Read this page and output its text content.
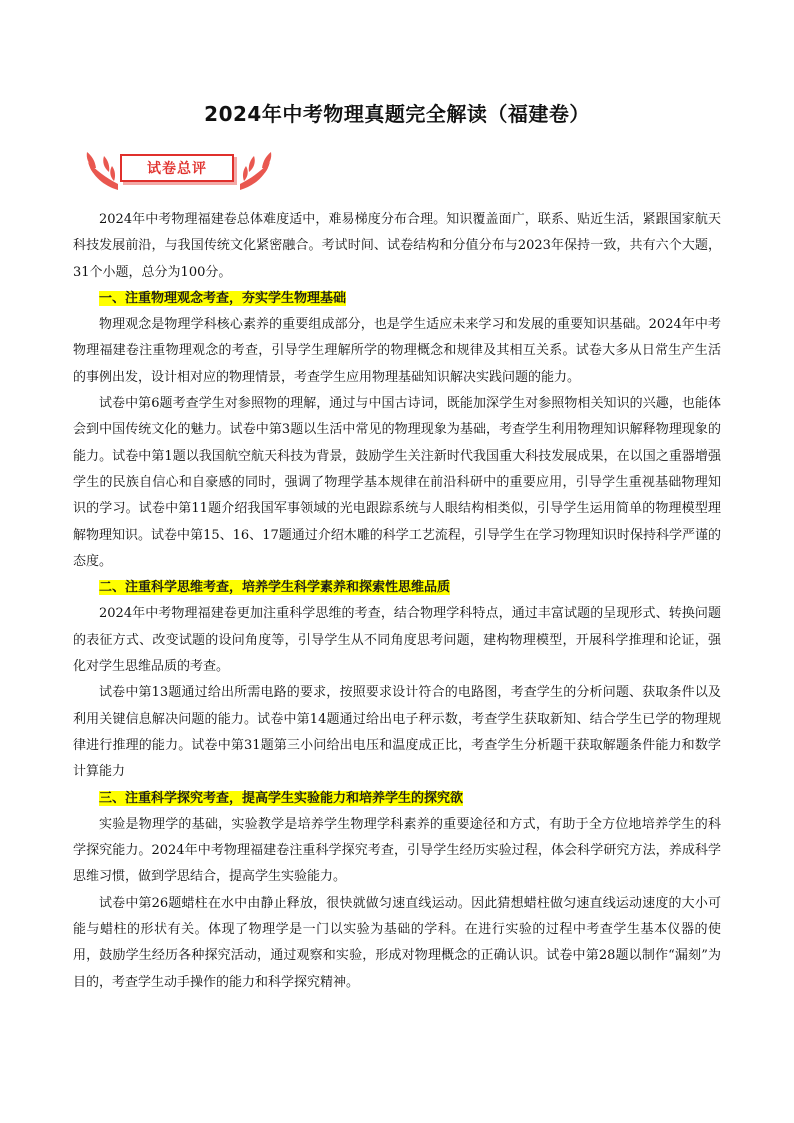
2024年中考物理真题完全解读（福建卷）
试卷总评

2024年中考物理福建卷总体难度适中，难易梯度分布合理。知识覆盖面广，联系、贴近生活，紧跟国家航天科技发展前沿，与我国传统文化紧密融合。考试时间、试卷结构和分值分布与2023年保持一致，共有六个大题，31个小题，总分为100分。

一、注重物理观念考查，夯实学生物理基础

物理观念是物理学科核心素养的重要组成部分，也是学生适应未来学习和发展的重要知识基础。2024年中考物理福建卷注重物理观念的考查，引导学生理解所学的物理概念和规律及其相互关系。试卷大多从日常生产生活的事例出发，设计相对应的物理情景，考查学生应用物理基础知识解决实践问题的能力。

试卷中第6题考查学生对参照物的理解，通过与中国古诗词，既能加深学生对参照物相关知识的兴趣，也能体会到中国传统文化的魅力。试卷中第3题以生活中常见的物理现象为基础，考查学生利用物理知识解释物理现象的能力。试卷中第1题以我国航空航天科技为背景，鼓励学生关注新时代我国重大科技发展成果，在以国之重器增强学生的民族自信心和自豪感的同时，强调了物理学基本规律在前沿科研中的重要应用，引导学生重视基础物理知识的学习。试卷中第11题介绍我国军事领域的光电跟踪系统与人眼结构相类似，引导学生运用简单的物理模型理解物理知识。试卷中第15、16、17题通过介绍木雕的科学工艺流程，引导学生在学习物理知识时保持科学严谨的态度。

二、注重科学思维考查，培养学生科学素养和探索性思维品质

2024年中考物理福建卷更加注重科学思维的考查，结合物理学科特点，通过丰富试题的呈现形式、转换问题的表征方式、改变试题的设问角度等，引导学生从不同角度思考问题，建构物理模型，开展科学推理和论证，强化对学生思维品质的考查。

试卷中第13题通过给出所需电路的要求，按照要求设计符合的电路图，考查学生的分析问题、获取条件以及利用关键信息解决问题的能力。试卷中第14题通过给出电子秤示数，考查学生获取新知、结合学生已学的物理规律进行推理的能力。试卷中第31题第三小问给出电压和温度成正比，考查学生分析题干获取解题条件能力和数学计算能力

三、注重科学探究考查，提高学生实验能力和培养学生的探究欲

实验是物理学的基础，实验教学是培养学生物理学科素养的重要途径和方式，有助于全方位地培养学生的科学探究能力。2024年中考物理福建卷注重科学探究考查，引导学生经历实验过程，体会科学研究方法，养成科学思维习惯，做到学思结合，提高学生实验能力。

试卷中第26题蜡柱在水中由静止释放，很快就做匀速直线运动。因此猜想蜡柱做匀速直线运动速度的大小可能与蜡柱的形状有关。体现了物理学是一门以实验为基础的学科。在进行实验的过程中考查学生基本仪器的使用，鼓励学生经历各种探究活动，通过观察和实验，形成对物理概念的正确认识。试卷中第28题以制作“漏刻”为目的，考查学生动手操作的能力和科学探究精神。
